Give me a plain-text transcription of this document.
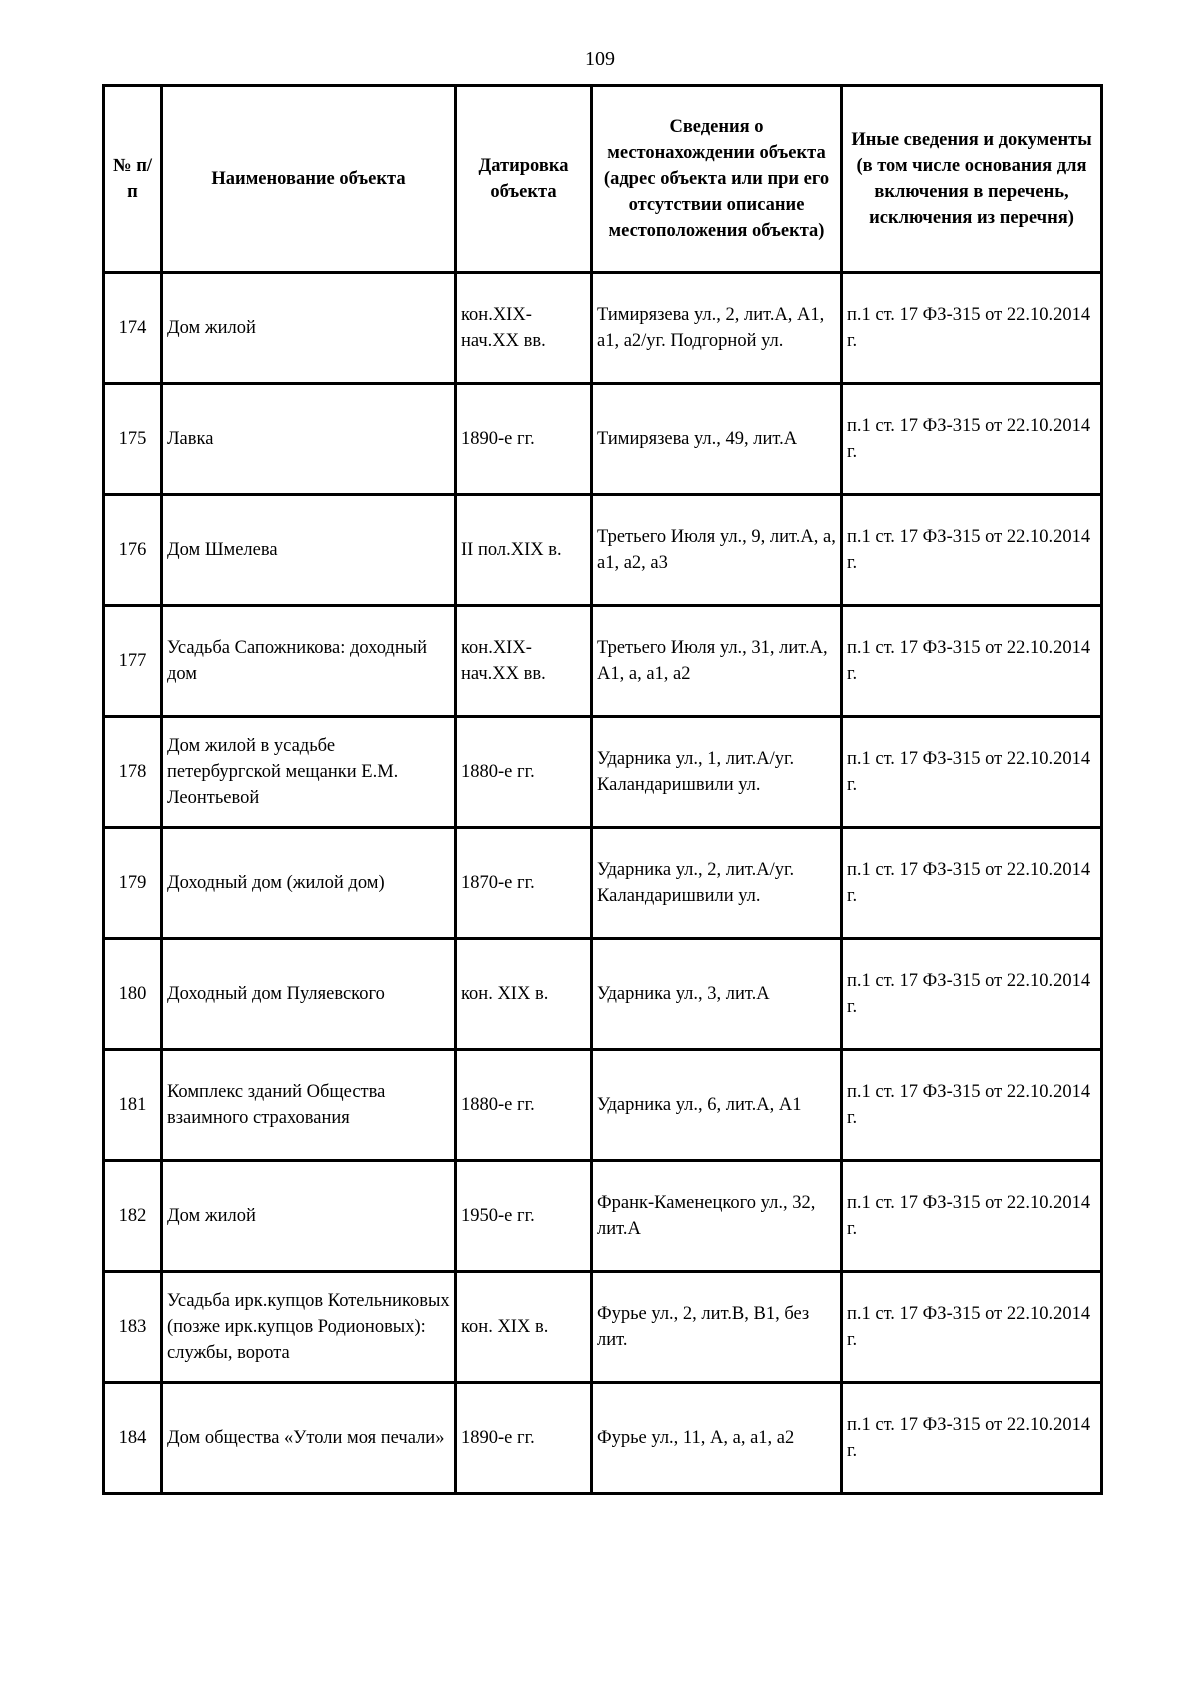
109
№ п/п	Наименование объекта	Датировка объекта	Сведения о местонахождении объекта (адрес объекта или при его отсутствии описание местоположения объекта)	Иные сведения и документы (в том числе основания для включения в перечень, исключения из перечня)
174	Дом жилой	кон.XIX-нач.XX вв.	Тимирязева ул., 2, лит.А, А1, а1, а2/уг. Подгорной ул.	п.1 ст. 17 ФЗ-315 от 22.10.2014 г.
175	Лавка	1890-е гг.	Тимирязева ул., 49, лит.А	п.1 ст. 17 ФЗ-315 от 22.10.2014 г.
176	Дом Шмелева	II пол.XIX в.	Третьего Июля ул., 9, лит.А, а, а1, а2, а3	п.1 ст. 17 ФЗ-315 от 22.10.2014 г.
177	Усадьба Сапожникова: доходный дом	кон.XIX-нач.XX вв.	Третьего Июля ул., 31, лит.А, А1, а, а1, а2	п.1 ст. 17 ФЗ-315 от 22.10.2014 г.
178	Дом жилой в усадьбе петербургской мещанки Е.М. Леонтьевой	1880-е гг.	Ударника ул., 1, лит.А/уг. Каландаришвили ул.	п.1 ст. 17 ФЗ-315 от 22.10.2014 г.
179	Доходный дом (жилой дом)	1870-е гг.	Ударника ул., 2, лит.А/уг. Каландаришвили ул.	п.1 ст. 17 ФЗ-315 от 22.10.2014 г.
180	Доходный дом Пуляевского	кон. XIX в.	Ударника ул., 3, лит.А	п.1 ст. 17 ФЗ-315 от 22.10.2014 г.
181	Комплекс зданий Общества взаимного страхования	1880-е гг.	Ударника ул., 6, лит.А, А1	п.1 ст. 17 ФЗ-315 от 22.10.2014 г.
182	Дом жилой	1950-е гг.	Франк-Каменецкого ул., 32, лит.А	п.1 ст. 17 ФЗ-315 от 22.10.2014 г.
183	Усадьба ирк.купцов Котельниковых (позже ирк.купцов Родионовых): службы, ворота	кон. XIX в.	Фурье ул., 2, лит.В, В1, без лит.	п.1 ст. 17 ФЗ-315 от 22.10.2014 г.
184	Дом общества «Утоли моя печали»	1890-е гг.	Фурье ул., 11, А, а, а1, а2	п.1 ст. 17 ФЗ-315 от 22.10.2014 г.
